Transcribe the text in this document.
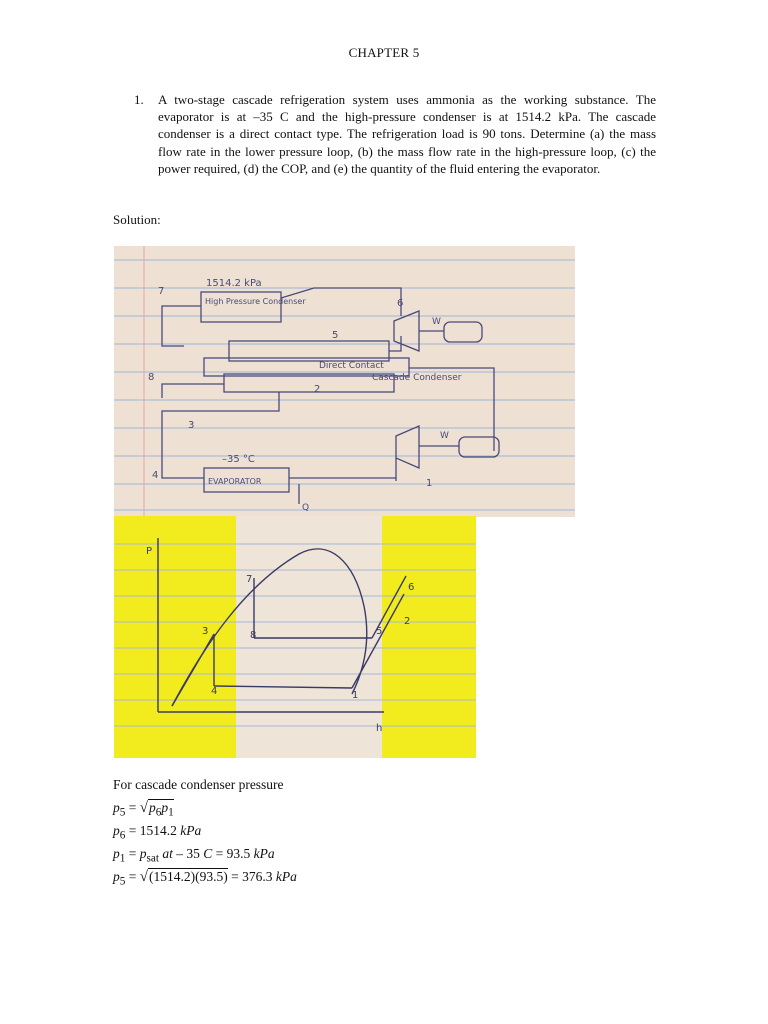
CHAPTER 5
1. A two-stage cascade refrigeration system uses ammonia as the working substance. The evaporator is at –35 C and the high-pressure condenser is at 1514.2 kPa. The cascade condenser is a direct contact type. The refrigeration load is 90 tons. Determine (a) the mass flow rate in the lower pressure loop, (b) the mass flow rate in the high-pressure loop, (c) the power required, (d) the COP, and (e) the quantity of the fluid entering the evaporator.
Solution:
1514.2 kPa
High Pressure Condenser
Direct Contact
Cascade Condenser
–35 °C
EVAPORATOR
Q
W
W
1
2
3
4
5
6
7
8
P
h
1
2
3
4
5
6
7
8
For cascade condenser pressure
$p_5 = √p_6p_1$
$p_6 = 1514.2$ kPa
$p_1 = p_{sat}$ at – 35 C = 93.5 kPa
$p_5 = √(1514.2)(93.5) = 376.3$ kPa
